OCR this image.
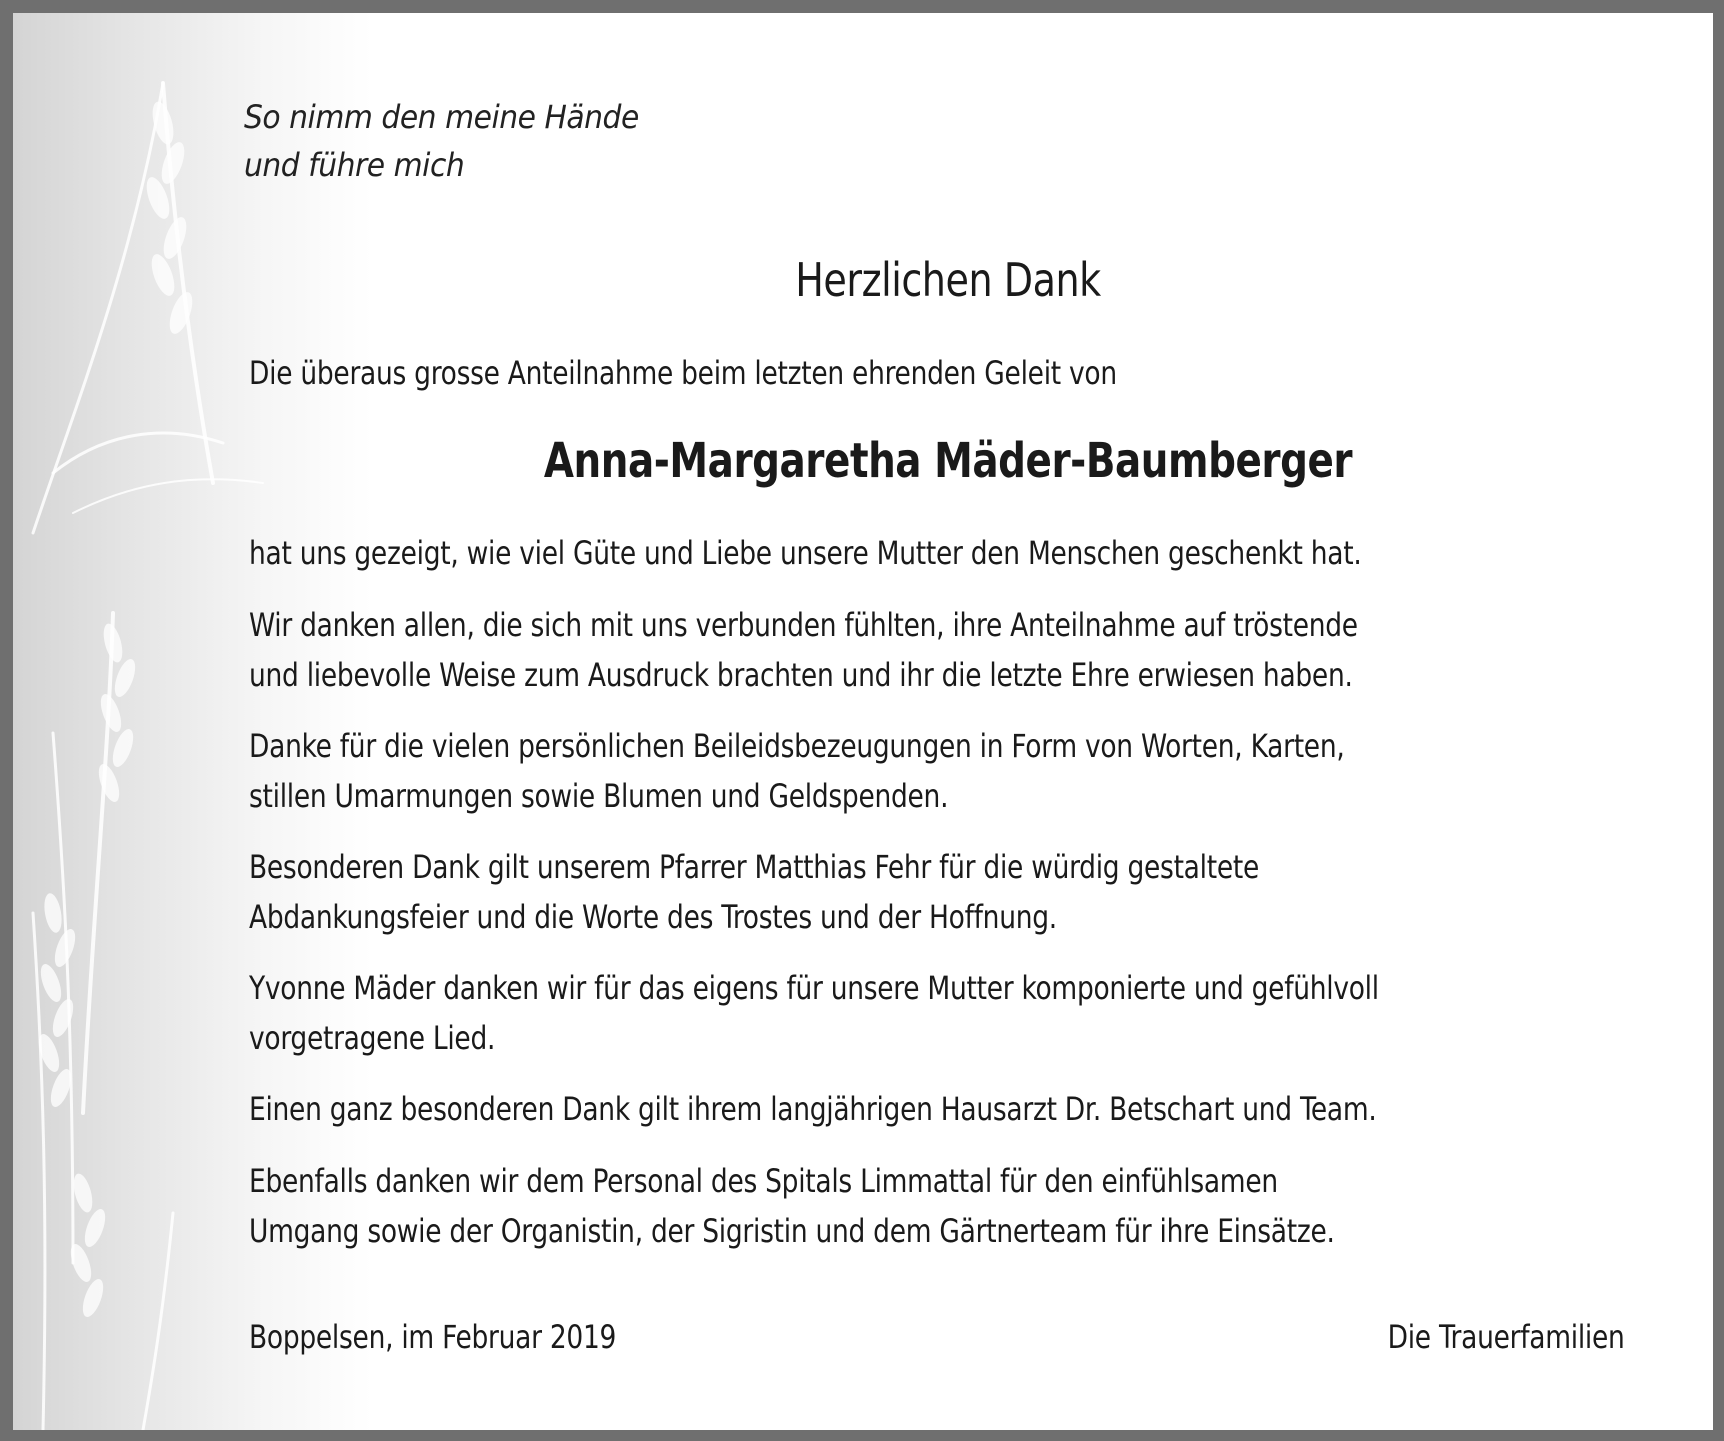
So nimm den meine Hände
und führe mich
Herzlichen Dank
Die überaus grosse Anteilnahme beim letzten ehrenden Geleit von
Anna-Margaretha Mäder-Baumberger
hat uns gezeigt, wie viel Güte und Liebe unsere Mutter den Menschen geschenkt hat.
Wir danken allen, die sich mit uns verbunden fühlten, ihre Anteilnahme auf tröstende
und liebevolle Weise zum Ausdruck brachten und ihr die letzte Ehre erwiesen haben.
Danke für die vielen persönlichen Beileidsbezeugungen in Form von Worten, Karten,
stillen Umarmungen sowie Blumen und Geldspenden.
Besonderen Dank gilt unserem Pfarrer Matthias Fehr für die würdig gestaltete
Abdankungsfeier und die Worte des Trostes und der Hoffnung.
Yvonne Mäder danken wir für das eigens für unsere Mutter komponierte und gefühlvoll
vorgetragene Lied.
Einen ganz besonderen Dank gilt ihrem langjährigen Hausarzt Dr. Betschart und Team.
Ebenfalls danken wir dem Personal des Spitals Limmattal für den einfühlsamen
Umgang sowie der Organistin, der Sigristin und dem Gärtnerteam für ihre Einsätze.
Boppelsen, im Februar 2019	Die Trauerfamilien
